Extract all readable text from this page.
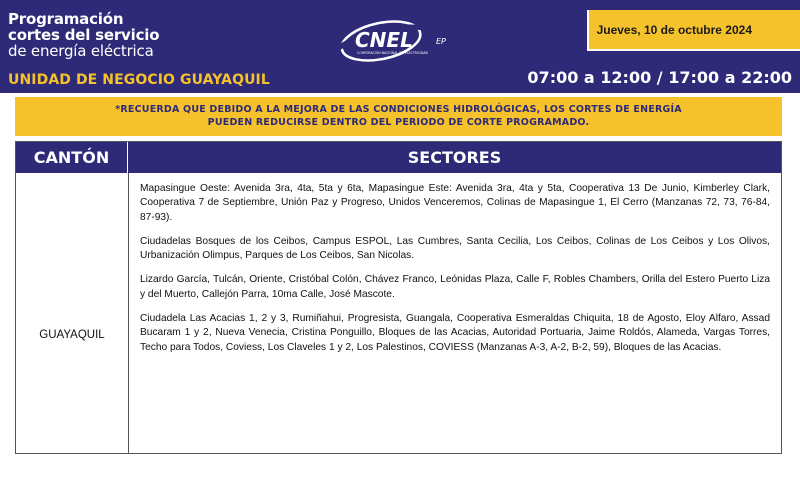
Programación
cortes del servicio
de energía eléctrica
UNIDAD DE NEGOCIO GUAYAQUIL
CNEL	EP
CORPORACIÓN NACIONAL DE ELECTRICIDAD
Jueves, 10 de octubre 2024
07:00 a 12:00 / 17:00 a 22:00
*RECUERDA QUE DEBIDO A LA MEJORA DE LAS CONDICIONES HIDROLÓGICAS, LOS CORTES DE ENERGÍA
PUEDEN REDUCIRSE DENTRO DEL PERIODO DE CORTE PROGRAMADO.
CANTÓN	SECTORES
GUAYAQUIL

Mapasingue Oeste: Avenida 3ra, 4ta, 5ta y 6ta, Mapasingue Este: Avenida 3ra, 4ta y 5ta, Cooperativa 13 De Junio, Kimberley Clark, Cooperativa 7 de Septiembre, Unión Paz y Progreso, Unidos Venceremos, Colinas de Mapasingue 1, El Cerro (Manzanas 72, 73, 76-84, 87-93).

Ciudadelas Bosques de los Ceibos, Campus ESPOL, Las Cumbres, Santa Cecilia, Los Ceibos, Colinas de Los Ceibos y Los Olivos, Urbanización Olimpus, Parques de Los Ceibos, San Nicolas.

Lizardo García, Tulcán, Oriente, Cristóbal Colón, Chávez Franco, Leónidas Plaza, Calle F, Robles Chambers, Orilla del Estero Puerto Liza y del Muerto, Callejón Parra, 10ma Calle, José Mascote.

Ciudadela Las Acacias 1, 2 y 3, Rumiñahui, Progresista, Guangala, Cooperativa Esmeraldas Chiquita, 18 de Agosto, Eloy Alfaro, Assad Bucaram 1 y 2, Nueva Venecia, Cristina Ponguillo, Bloques de las Acacias, Autoridad Portuaria, Jaime Roldós, Alameda, Vargas Torres, Techo para Todos, Coviess, Los Claveles 1 y 2, Los Palestinos, COVIESS (Manzanas A-3, A-2, B-2, 59), Bloques de las Acacias.
